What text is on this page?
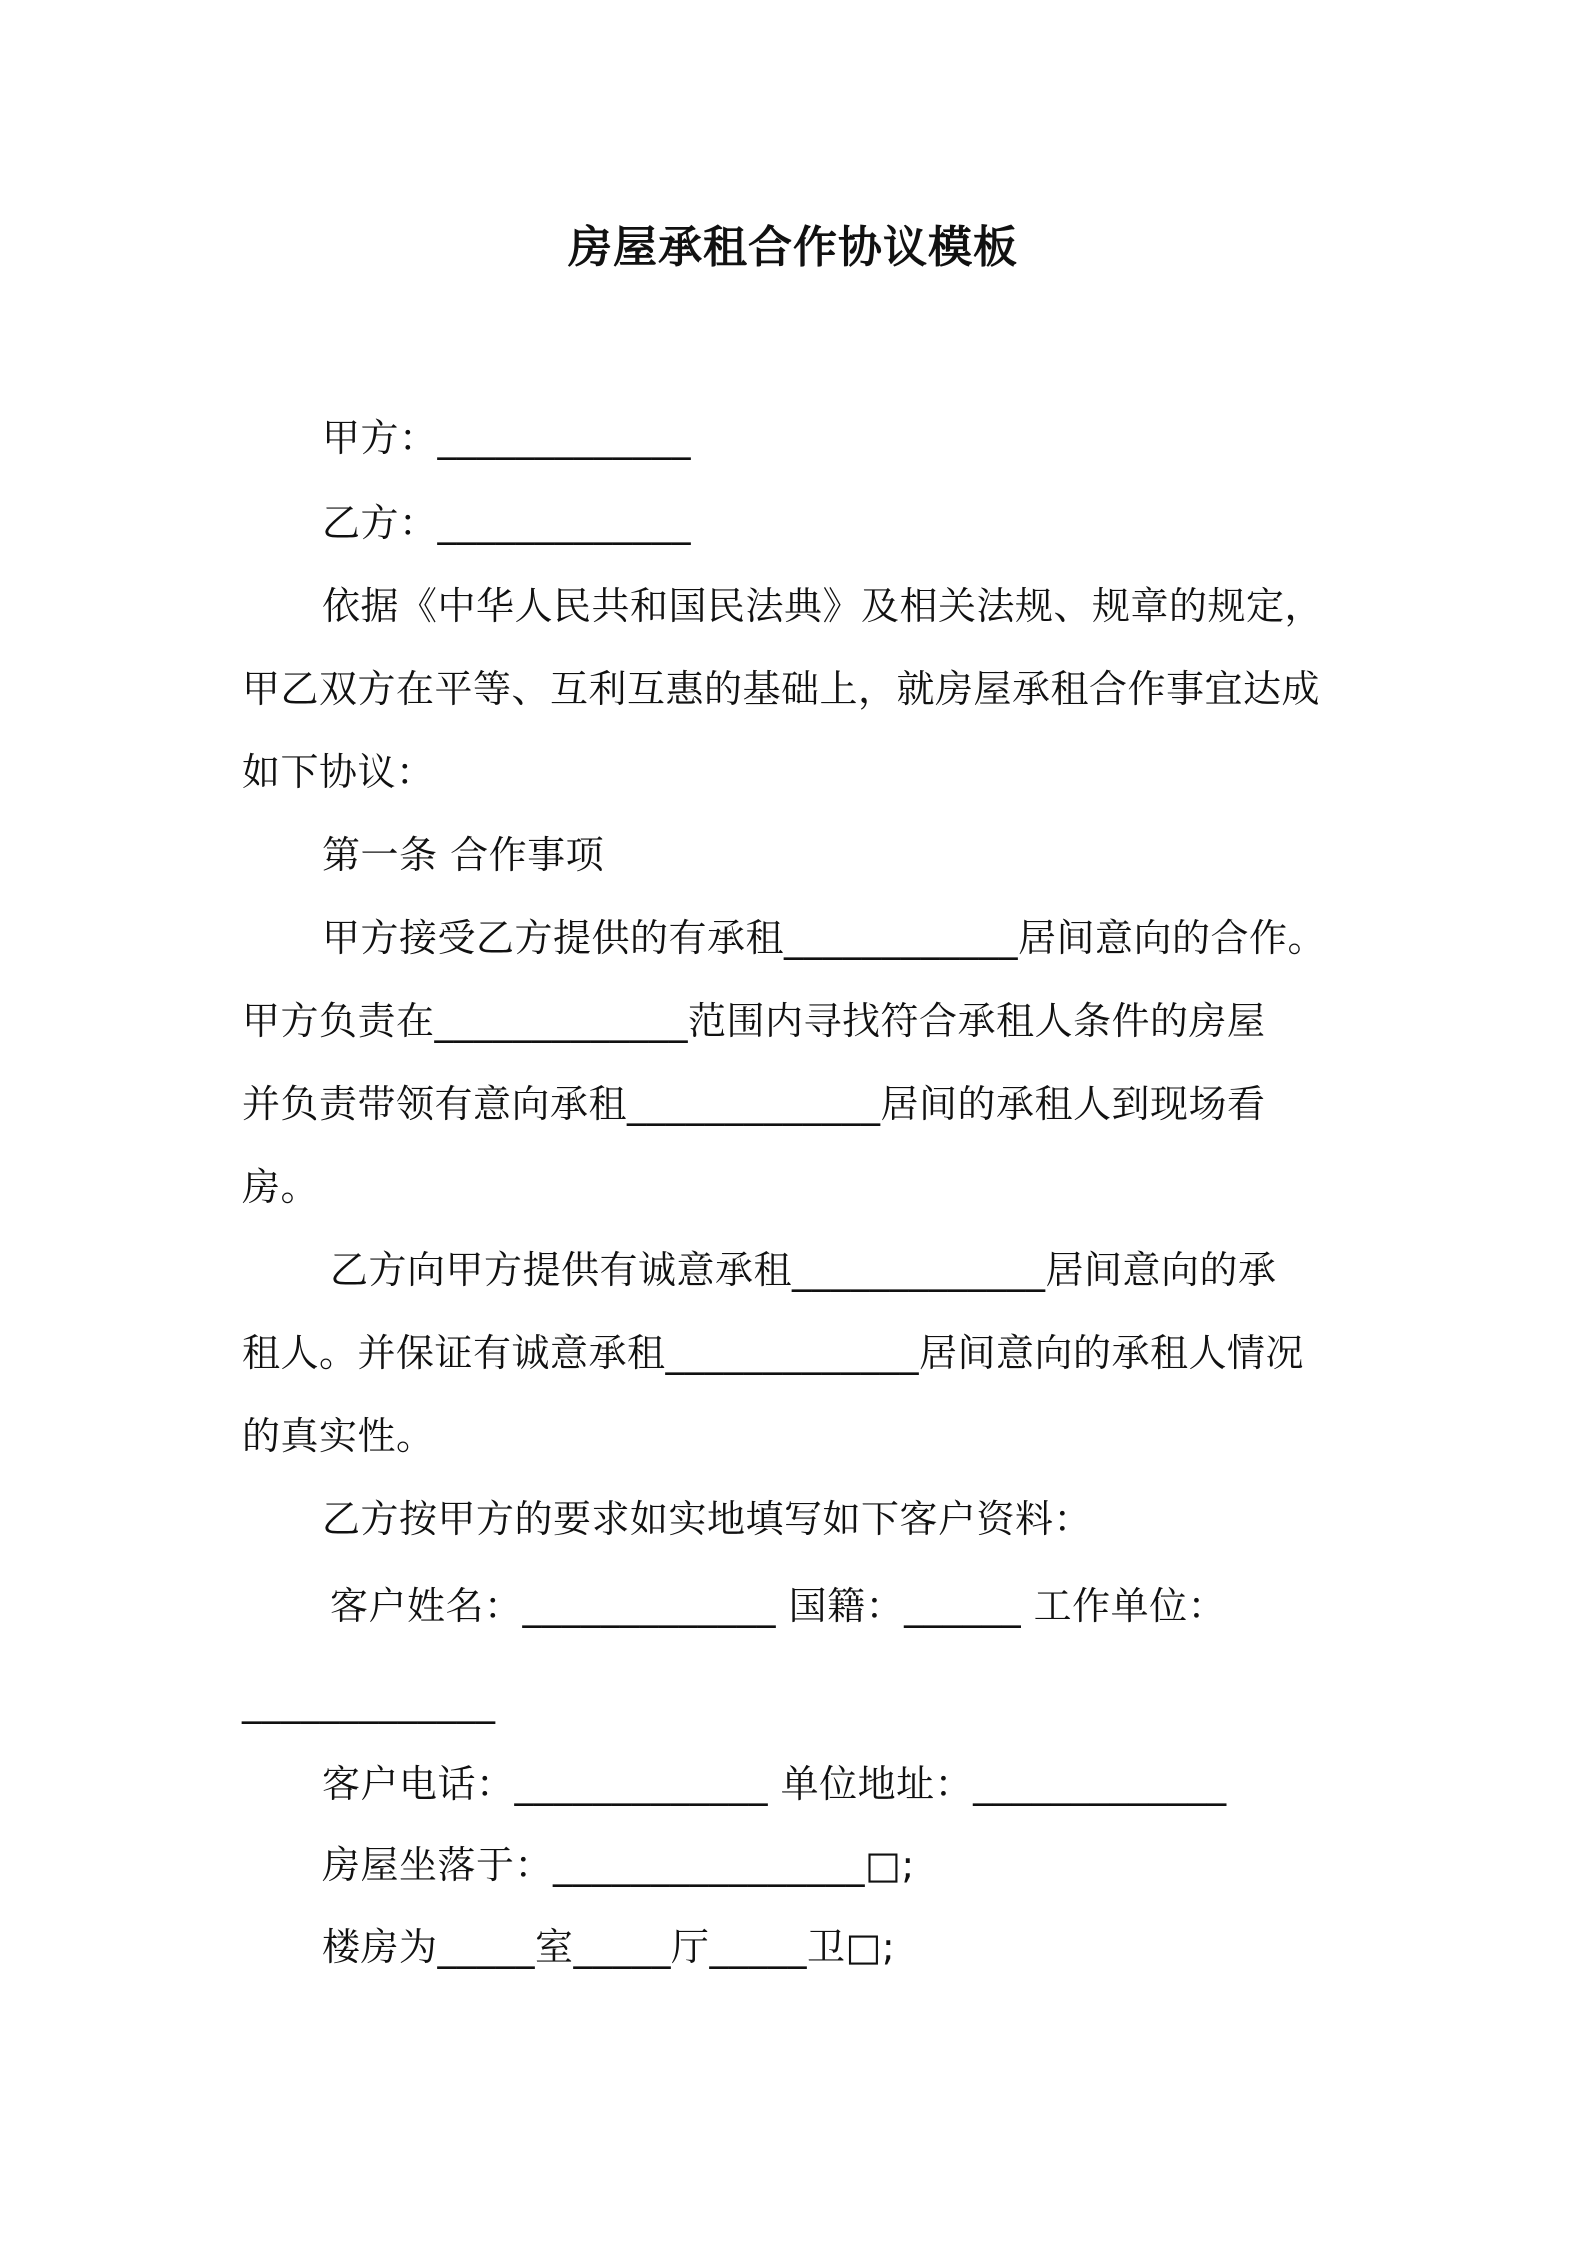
房屋承租合作协议模板
甲方：_____________
乙方：_____________
依据《中华人民共和国民法典》及相关法规、规章的规定，
甲乙双方在平等、互利互惠的基础上，就房屋承租合作事宜达成
如下协议：
第一条 合作事项
甲方接受乙方提供的有承租____________居间意向的合作。
甲方负责在_____________范围内寻找符合承租人条件的房屋
并负责带领有意向承租_____________居间的承租人到现场看
房。
乙方向甲方提供有诚意承租_____________居间意向的承
租人。并保证有诚意承租_____________居间意向的承租人情况
的真实性。
乙方按甲方的要求如实地填写如下客户资料：
客户姓名：_____________ 国籍：______ 工作单位：
_____________
客户电话：_____________ 单位地址：_____________
房屋坐落于：________________□;
楼房为_____室_____厅_____卫□;
